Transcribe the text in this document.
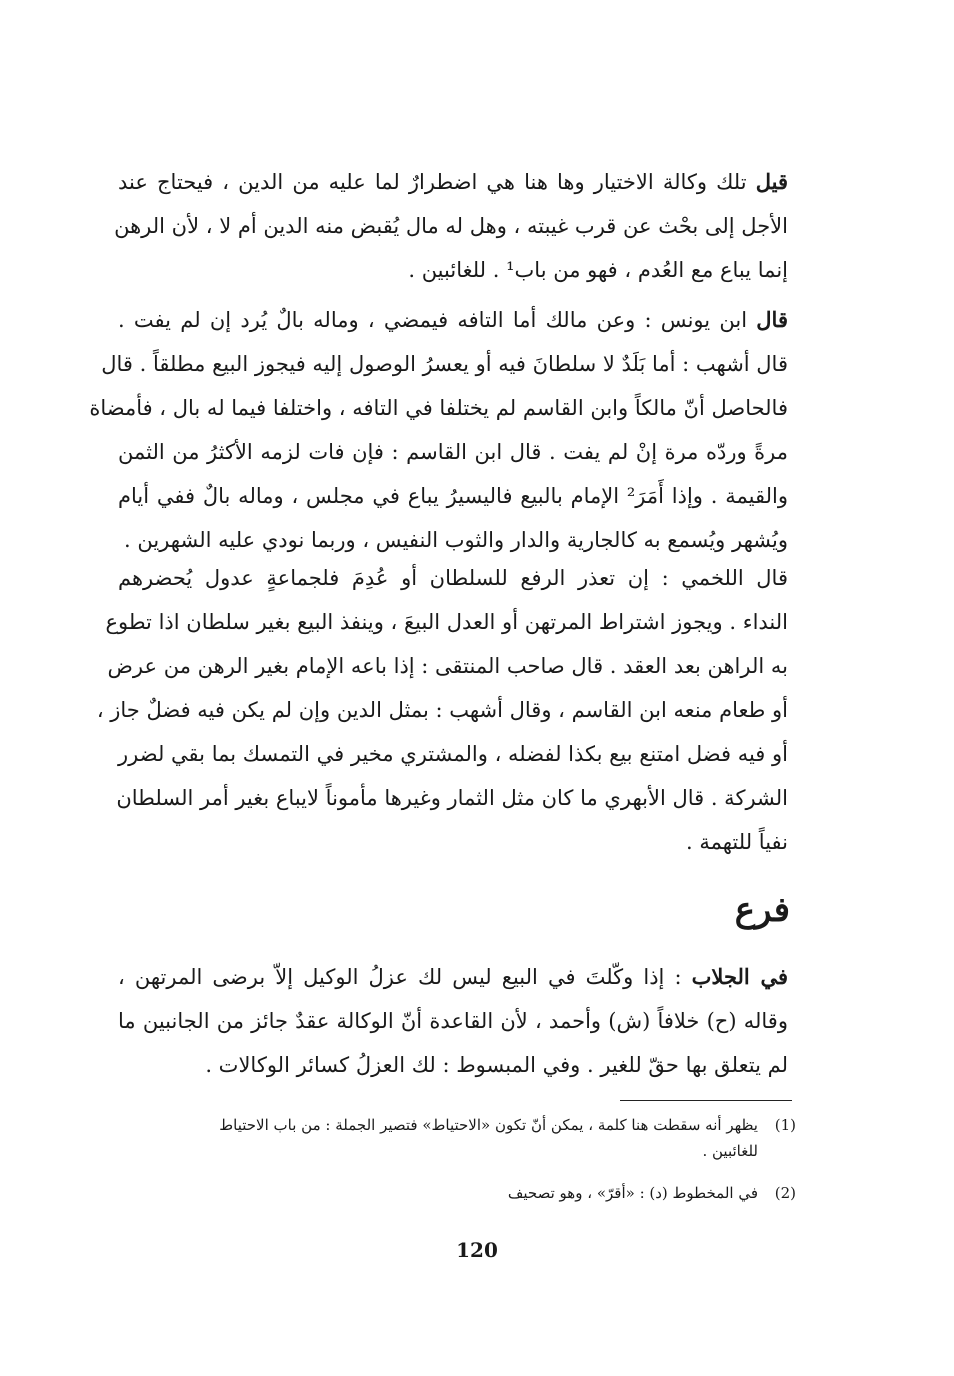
قيل تلك وكالة الاختيار وها هنا هي اضطرارٌ لما عليه من الدين ، فيحتاج عند
الأجل إلى بحْث عن قرب غيبته ، وهل له مال يُقبض منه الدين أم لا ، لأن الرهن
إنما يباع مع العُدم ، فهو من باب¹ . للغائبين .
قال ابن يونس : وعن مالك أما التافه فيمضي ، وماله بالٌ يُرد إن لم يفت .
قال أشهب : أما بَلَدٌ لا سلطانَ فيه أو يعسرُ الوصول إليه فيجوز البيع مطلقاً . قال
فالحاصل أنّ مالكاً وابن القاسم لم يختلفا في التافه ، واختلفا فيما له بال ، فأمضاة
مرةً وردّه مرة إنْ لم يفت . قال ابن القاسم : فإن فات لزمه الأكثرُ من الثمن
والقيمة . وإذا أَمَرَ² الإمام بالبيع فاليسيرُ يباع في مجلس ، وماله بالٌ ففي أيام
ويُشهر ويُسمع به كالجارية والدار والثوب النفيس ، وربما نودي عليه الشهرين .
قال اللخمي : إن تعذر الرفع للسلطان أو عُدِمَ فلجماعةٍ عدول يُحضرهم
النداء . ويجوز اشتراط المرتهن أو العدل البيعَ ، وينفذ البيع بغير سلطان اذا تطوع
به الراهن بعد العقد . قال صاحب المنتقى : إذا باعه الإمام بغير الرهن من عرض
أو طعام منعه ابن القاسم ، وقال أشهب : بمثل الدين وإن لم يكن فيه فضلٌ جاز ،
أو فيه فضل امتنع بيع بكذا لفضله ، والمشتري مخير في التمسك بما بقي لضرر
الشركة . قال الأبهري ما كان مثل الثمار وغيرها مأموناً لايباع بغير أمر السلطان
نفياً للتهمة .
فرع
في الجلاب : إذا وكّلتَ في البيع ليس لك عزلُ الوكيل إلاّ برضى المرتهن ،
وقاله (ح) خلافاً (ش) وأحمد ، لأن القاعدة أنّ الوكالة عقدٌ جائز من الجانبين ما
لم يتعلق بها حقّ للغير . وفي المبسوط : لك العزلُ كسائر الوكالات .
(1)يظهر أنه سقطت هنا كلمة ، يمكن أنّ تكون «الاحتياط» فتصير الجملة : من باب الاحتياط
للغائبين .
(2)في المخطوط (د) : «أقرّ» ، وهو تصحيف
120
